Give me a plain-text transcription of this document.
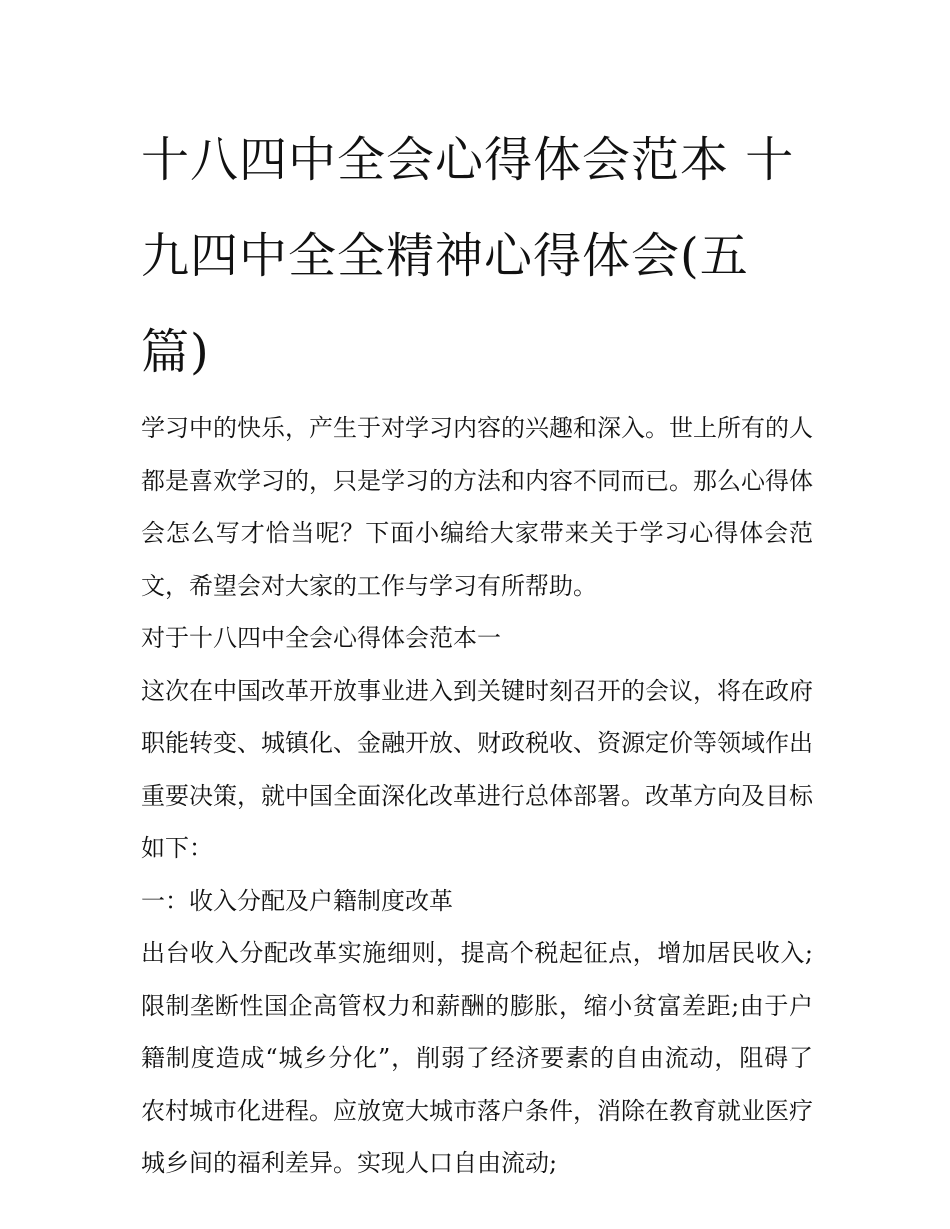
十八四中全会心得体会范本 十九四中全全精神心得体会(五篇)

学习中的快乐，产生于对学习内容的兴趣和深入。世上所有的人都是喜欢学习的，只是学习的方法和内容不同而已。那么心得体会怎么写才恰当呢？下面小编给大家带来关于学习心得体会范文，希望会对大家的工作与学习有所帮助。

对于十八四中全会心得体会范本一

这次在中国改革开放事业进入到关键时刻召开的会议，将在政府职能转变、城镇化、金融开放、财政税收、资源定价等领域作出重要决策，就中国全面深化改革进行总体部署。改革方向及目标如下：

一：收入分配及户籍制度改革

出台收入分配改革实施细则，提高个税起征点，增加居民收入;限制垄断性国企高管权力和薪酬的膨胀，缩小贫富差距;由于户籍制度造成“城乡分化”，削弱了经济要素的自由流动，阻碍了农村城市化进程。应放宽大城市落户条件，消除在教育就业医疗城乡间的福利差异。实现人口自由流动;
